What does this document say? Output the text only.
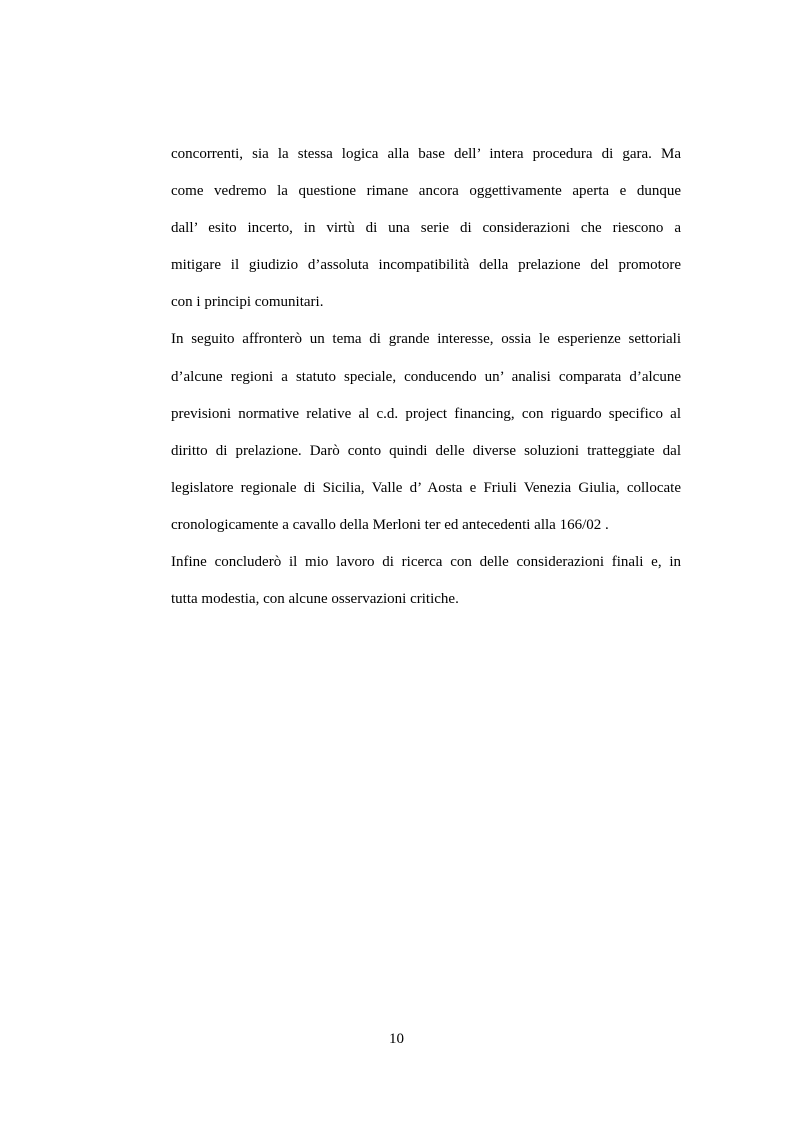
concorrenti, sia la stessa logica alla base dell’ intera procedura di gara. Ma
come vedremo la questione rimane ancora oggettivamente aperta e dunque
dall’ esito incerto, in virtù di una serie di considerazioni che riescono a
mitigare il giudizio d’assoluta incompatibilità della prelazione del promotore
con i principi comunitari.
In seguito affronterò un tema di grande interesse, ossia le esperienze settoriali
d’alcune regioni a statuto speciale, conducendo un’ analisi comparata d’alcune
previsioni normative relative al c.d. project financing, con riguardo specifico al
diritto di prelazione. Darò conto quindi delle diverse soluzioni tratteggiate dal
legislatore regionale di Sicilia, Valle d’ Aosta e Friuli Venezia Giulia, collocate
cronologicamente a cavallo della Merloni ter ed antecedenti alla 166/02 .
Infine concluderò il mio lavoro di ricerca con delle considerazioni finali e, in
tutta modestia, con alcune osservazioni critiche.
10
